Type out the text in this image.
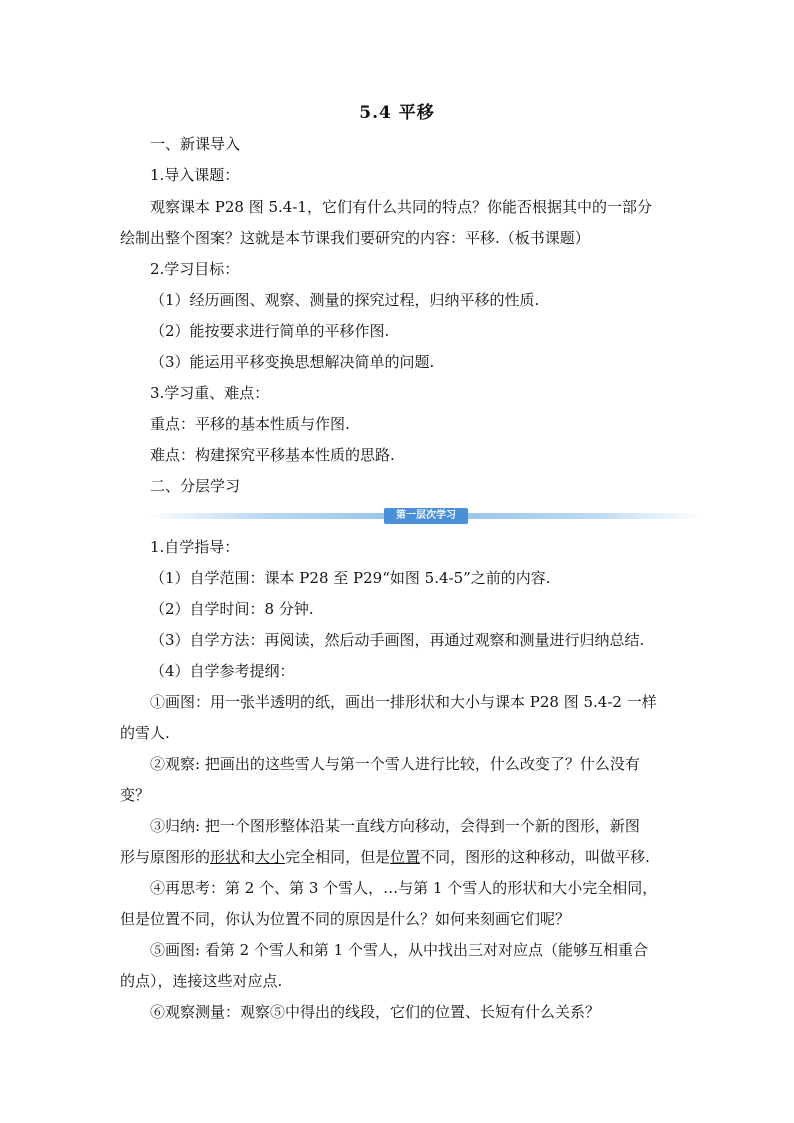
5.4 平移
一、新课导入
1.导入课题：
观察课本 P28 图 5.4-1，它们有什么共同的特点？你能否根据其中的一部分
绘制出整个图案？这就是本节课我们要研究的内容：平移.（板书课题）
2.学习目标：
（1）经历画图、观察、测量的探究过程，归纳平移的性质.
（2）能按要求进行简单的平移作图.
（3）能运用平移变换思想解决简单的问题.
3.学习重、难点：
重点：平移的基本性质与作图.
难点：构建探究平移基本性质的思路.
二、分层学习
第一层次学习
1.自学指导：
（1）自学范围：课本 P28 至 P29“如图 5.4-5”之前的内容.
（2）自学时间：8 分钟.
（3）自学方法：再阅读，然后动手画图，再通过观察和测量进行归纳总结.
（4）自学参考提纲：
①画图：用一张半透明的纸，画出一排形状和大小与课本 P28 图 5.4-2 一样
的雪人.
②观察: 把画出的这些雪人与第一个雪人进行比较，什么改变了？什么没有
变？
③归纳: 把一个图形整体沿某一直线方向移动，会得到一个新的图形，新图
形与原图形的形状和大小完全相同，但是位置不同，图形的这种移动，叫做平移.
④再思考：第 2 个、第 3 个雪人，…与第 1 个雪人的形状和大小完全相同，
但是位置不同，你认为位置不同的原因是什么？如何来刻画它们呢？
⑤画图: 看第 2 个雪人和第 1 个雪人，从中找出三对对应点（能够互相重合
的点），连接这些对应点.
⑥观察测量：观察⑤中得出的线段，它们的位置、长短有什么关系？
